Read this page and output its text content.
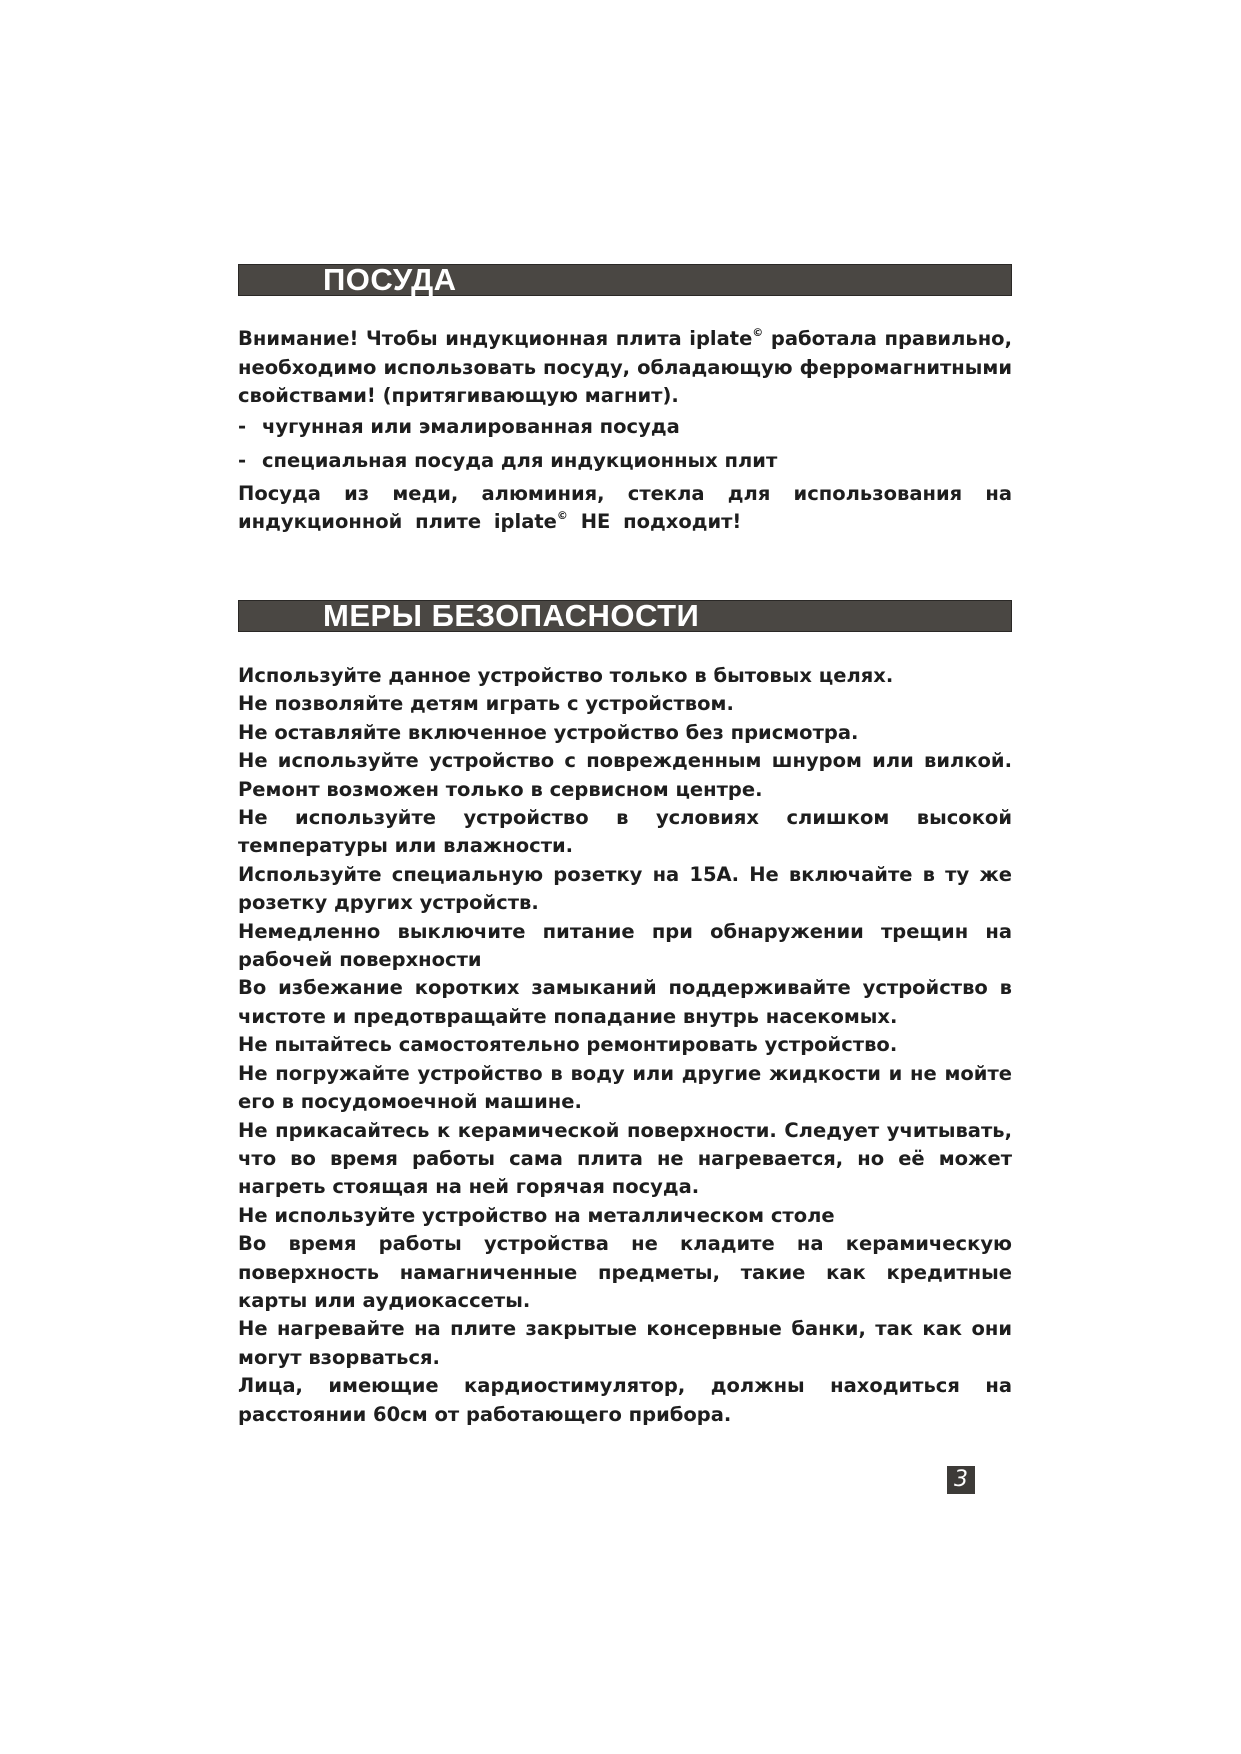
ПОСУДА

Внимание! Чтобы индукционная плита iplate© работала правильно, необходимо использовать посуду, обладающую ферромагнитными свойствами! (притягивающую магнит).

- чугунная или эмалированная посуда

- специальная посуда для индукционных плит

Посуда из меди, алюминия, стекла для использования на индукционной плите iplate© НЕ подходит!

МЕРЫ БЕЗОПАСНОСТИ

Используйте данное устройство только в бытовых целях.

Не позволяйте детям играть с устройством.

Не оставляйте включенное устройство без присмотра.

Не используйте устройство с поврежденным шнуром или вилкой. Ремонт возможен только в сервисном центре.

Не используйте устройство в условиях слишком высокой температуры или влажности.

Используйте специальную розетку на 15А. Не включайте в ту же розетку других устройств.

Немедленно выключите питание при обнаружении трещин на рабочей поверхности

Во избежание коротких замыканий поддерживайте устройство в чистоте и предотвращайте попадание внутрь насекомых.

Не пытайтесь самостоятельно ремонтировать устройство.

Не погружайте устройство в воду или другие жидкости и не мойте его в посудомоечной машине.

Не прикасайтесь к керамической поверхности. Следует учитывать, что во время работы сама плита не нагревается, но её может нагреть стоящая на ней горячая посуда.

Не используйте устройство на металлическом столе

Во время работы устройства не кладите на керамическую поверхность намагниченные предметы, такие как кредитные карты или аудиокассеты.

Не нагревайте на плите закрытые консервные банки, так как они могут взорваться.

Лица, имеющие кардиостимулятор, должны находиться на расстоянии 60см от работающего прибора.

3
